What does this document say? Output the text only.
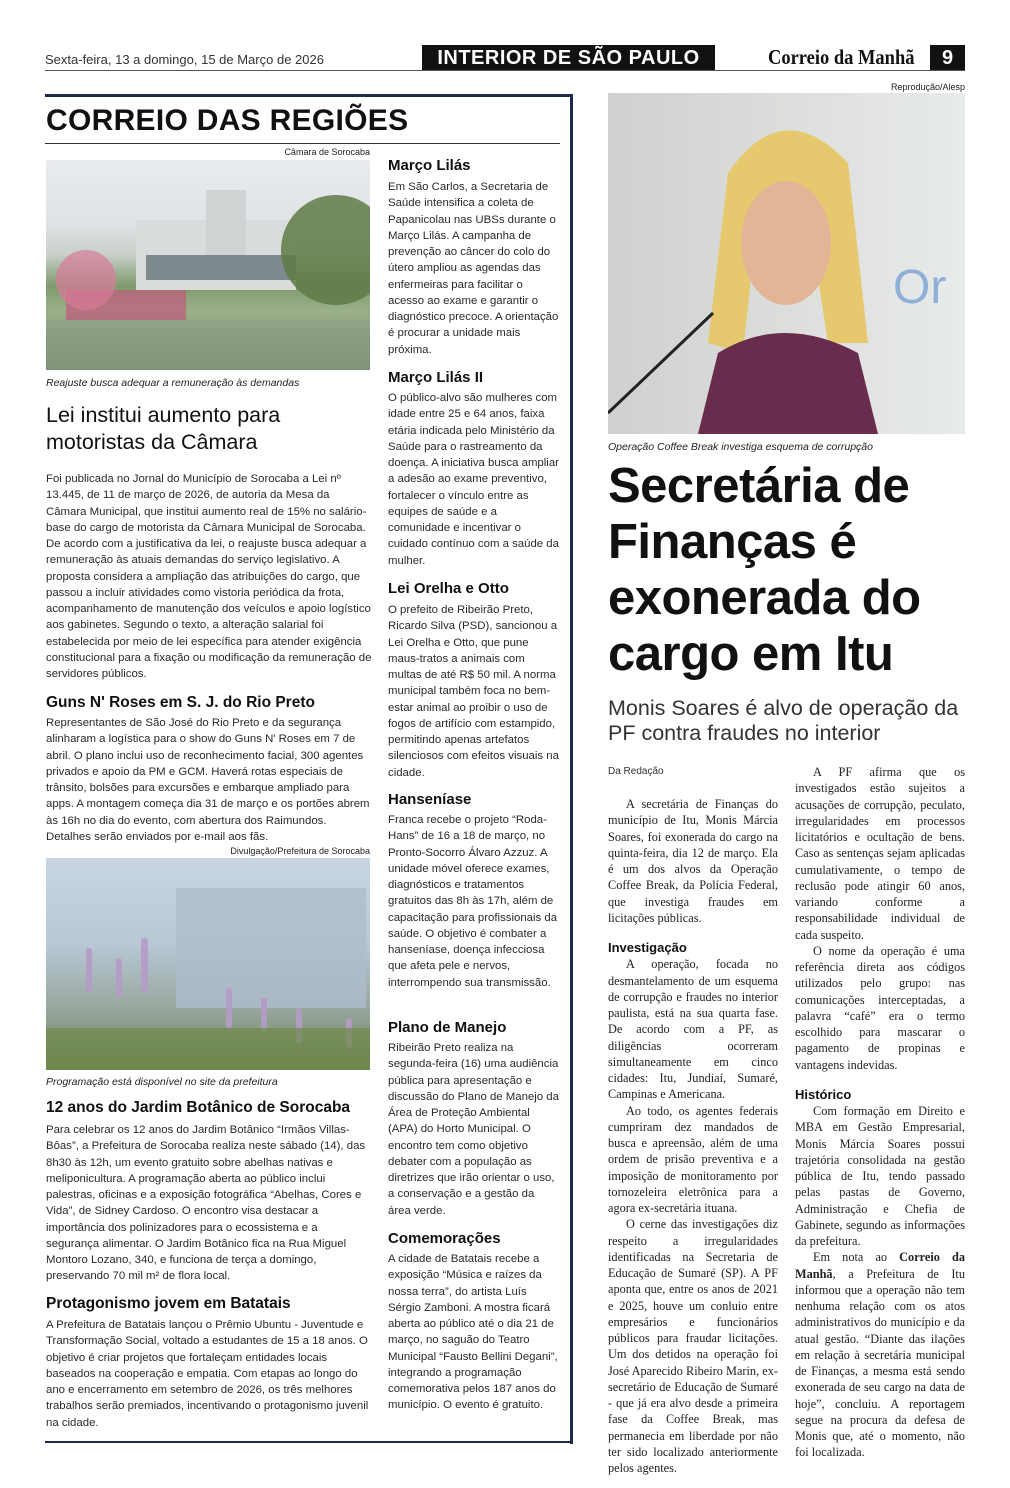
Sexta-feira, 13 a domingo, 15 de Março de 2026	INTERIOR DE SÃO PAULO	Correio da Manhã	9
CORREIO DAS REGIÕES
Câmara de Sorocaba
Reajuste busca adequar a remuneração às demandas
Lei institui aumento para motoristas da Câmara
Foi publicada no Jornal do Município de Sorocaba a Lei nº 13.445, de 11 de março de 2026, de autoria da Mesa da Câmara Municipal, que institui aumento real de 15% no salário-base do cargo de motorista da Câmara Municipal de Sorocaba. De acordo com a justificativa da lei, o reajuste busca adequar a remuneração às atuais demandas do serviço legislativo. A proposta considera a ampliação das atribuições do cargo, que passou a incluir atividades como vistoria periódica da frota, acompanhamento de manutenção dos veículos e apoio logístico aos gabinetes. Segundo o texto, a alteração salarial foi estabelecida por meio de lei específica para atender exigência constitucional para a fixação ou modificação da remuneração de servidores públicos.
Guns N' Roses em S. J. do Rio Preto
Representantes de São José do Rio Preto e da segurança alinharam a logística para o show do Guns N' Roses em 7 de abril. O plano inclui uso de reconhecimento facial, 300 agentes privados e apoio da PM e GCM. Haverá rotas especiais de trânsito, bolsões para excursões e embarque ampliado para apps. A montagem começa dia 31 de março e os portões abrem às 16h no dia do evento, com abertura dos Raimundos. Detalhes serão enviados por e-mail aos fãs.
Divulgação/Prefeitura de Sorocaba
Programação está disponível no site da prefeitura
12 anos do Jardim Botânico de Sorocaba
Para celebrar os 12 anos do Jardim Botânico “Irmãos Villas-Bôas”, a Prefeitura de Sorocaba realiza neste sábado (14), das 8h30 às 12h, um evento gratuito sobre abelhas nativas e meliponicultura. A programação aberta ao público inclui palestras, oficinas e a exposição fotográfica “Abelhas, Cores e Vida”, de Sidney Cardoso. O encontro visa destacar a importância dos polinizadores para o ecossistema e a segurança alimentar. O Jardim Botânico fica na Rua Miguel Montoro Lozano, 340, e funciona de terça a domingo, preservando 70 mil m² de flora local.
Protagonismo jovem em Batatais
A Prefeitura de Batatais lançou o Prêmio Ubuntu - Juventude e Transformação Social, voltado a estudantes de 15 a 18 anos. O objetivo é criar projetos que fortaleçam entidades locais baseados na cooperação e empatia. Com etapas ao longo do ano e encerramento em setembro de 2026, os três melhores trabalhos serão premiados, incentivando o protagonismo juvenil na cidade.
Março Lilás
Em São Carlos, a Secretaria de Saúde intensifica a coleta de Papanicolau nas UBSs durante o Março Lilás. A campanha de prevenção ao câncer do colo do útero ampliou as agendas das enfermeiras para facilitar o acesso ao exame e garantir o diagnóstico precoce. A orientação é procurar a unidade mais próxima.
Março Lilás II
O público-alvo são mulheres com idade entre 25 e 64 anos, faixa etária indicada pelo Ministério da Saúde para o rastreamento da doença. A iniciativa busca ampliar a adesão ao exame preventivo, fortalecer o vínculo entre as equipes de saúde e a comunidade e incentivar o cuidado contínuo com a saúde da mulher.
Lei Orelha e Otto
O prefeito de Ribeirão Preto, Ricardo Silva (PSD), sancionou a Lei Orelha e Otto, que pune maus-tratos a animais com multas de até R$ 50 mil. A norma municipal também foca no bem-estar animal ao proibir o uso de fogos de artifício com estampido, permitindo apenas artefatos silenciosos com efeitos visuais na cidade.
Hanseníase
Franca recebe o projeto “Roda-Hans” de 16 a 18 de março, no Pronto-Socorro Álvaro Azzuz. A unidade móvel oferece exames, diagnósticos e tratamentos gratuitos das 8h às 17h, além de capacitação para profissionais da saúde. O objetivo é combater a hanseníase, doença infecciosa que afeta pele e nervos, interrompendo sua transmissão.
Plano de Manejo
Ribeirão Preto realiza na segunda-feira (16) uma audiência pública para apresentação e discussão do Plano de Manejo da Área de Proteção Ambiental (APA) do Horto Municipal. O encontro tem como objetivo debater com a população as diretrizes que irão orientar o uso, a conservação e a gestão da área verde.
Comemorações
A cidade de Batatais recebe a exposição “Música e raízes da nossa terra”, do artista Luís Sérgio Zamboni. A mostra ficará aberta ao público até o dia 21 de março, no saguão do Teatro Municipal “Fausto Bellini Degani”, integrando a programação comemorativa pelos 187 anos do município. O evento é gratuito.
Reprodução/Alesp
Or
Operação Coffee Break investiga esquema de corrupção
Secretária de Finanças é exonerada do cargo em Itu
Monis Soares é alvo de operação da PF contra fraudes no interior
Da Redação

A secretária de Finanças do município de Itu, Monis Márcia Soares, foi exonerada do cargo na quinta-feira, dia 12 de março. Ela é um dos alvos da Operação Coffee Break, da Polícia Federal, que investiga fraudes em licitações públicas.

Investigação

A operação, focada no desmantelamento de um esquema de corrupção e fraudes no interior paulista, está na sua quarta fase. De acordo com a PF, as diligências ocorreram simultaneamente em cinco cidades: Itu, Jundiaí, Sumaré, Campinas e Americana.

Ao todo, os agentes federais cumpriram dez mandados de busca e apreensão, além de uma ordem de prisão preventiva e a imposição de monitoramento por tornozeleira eletrônica para a agora ex-secretária ituana.

O cerne das investigações diz respeito a irregularidades identificadas na Secretaria de Educação de Sumaré (SP). A PF aponta que, entre os anos de 2021 e 2025, houve um conluio entre empresários e funcionários públicos para fraudar licitações. Um dos detidos na operação foi José Aparecido Ribeiro Marin, ex-secretário de Educação de Sumaré - que já era alvo desde a primeira fase da Coffee Break, mas permanecia em liberdade por não ter sido localizado anteriormente pelos agentes.

A PF afirma que os investigados estão sujeitos a acusações de corrupção, peculato, irregularidades em processos licitatórios e ocultação de bens. Caso as sentenças sejam aplicadas cumulativamente, o tempo de reclusão pode atingir 60 anos, variando conforme a responsabilidade individual de cada suspeito.

O nome da operação é uma referência direta aos códigos utilizados pelo grupo: nas comunicações interceptadas, a palavra “café” era o termo escolhido para mascarar o pagamento de propinas e vantagens indevidas.

Histórico

Com formação em Direito e MBA em Gestão Empresarial, Monis Márcia Soares possui trajetória consolidada na gestão pública de Itu, tendo passado pelas pastas de Governo, Administração e Chefia de Gabinete, segundo as informações da prefeitura.

Em nota ao Correio da Manhã, a Prefeitura de Itu informou que a operação não tem nenhuma relação com os atos administrativos do município e da atual gestão. “Diante das ilações em relação à secretária municipal de Finanças, a mesma está sendo exonerada de seu cargo na data de hoje”, concluiu. A reportagem segue na procura da defesa de Monis que, até o momento, não foi localizada.
